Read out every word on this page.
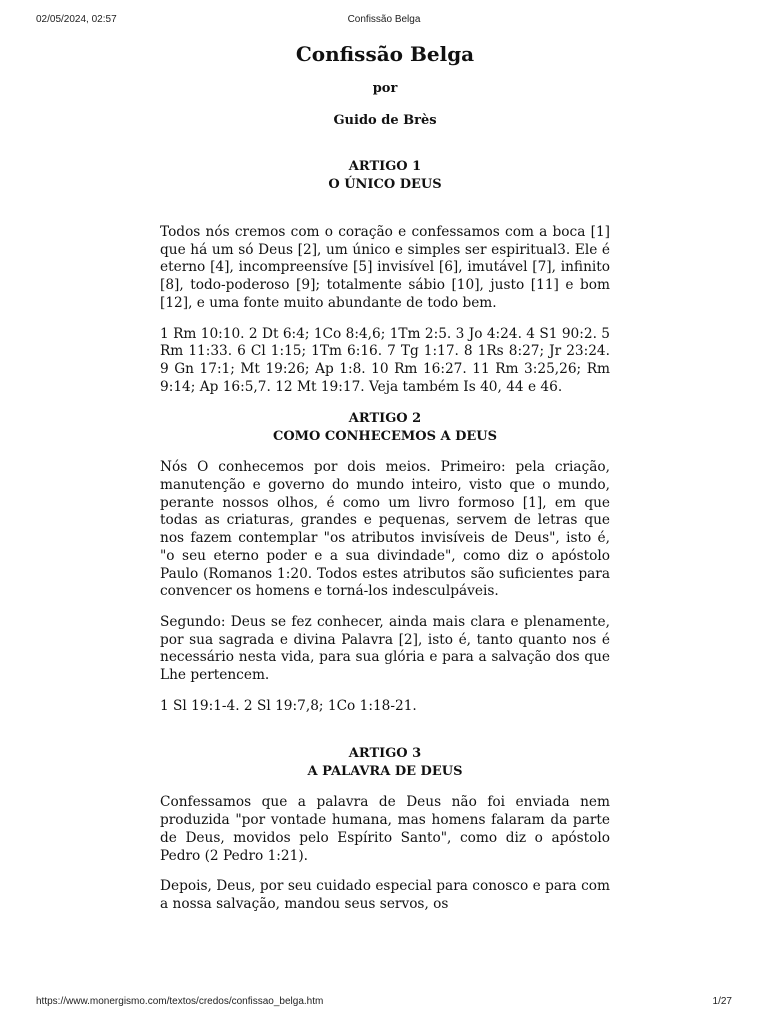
02/05/2024, 02:57	Confissão Belga
Confissão Belga
por
Guido de Brès
ARTIGO 1
O ÚNICO DEUS

Todos nós cremos com o coração e confessamos com a boca [1] que há um só Deus [2], um único e simples ser espiritual3. Ele é eterno [4], incompreensíve [5] invisível [6], imutável [7], infinito [8], todo-poderoso [9]; totalmente sábio [10], justo [11] e bom [12], e uma fonte muito abundante de todo bem.

1 Rm 10:10. 2 Dt 6:4; 1Co 8:4,6; 1Tm 2:5. 3 Jo 4:24. 4 S1 90:2. 5 Rm 11:33. 6 Cl 1:15; 1Tm 6:16. 7 Tg 1:17. 8 1Rs 8:27; Jr 23:24. 9 Gn 17:1; Mt 19:26; Ap 1:8. 10 Rm 16:27. 11 Rm 3:25,26; Rm 9:14; Ap 16:5,7. 12 Mt 19:17. Veja também Is 40, 44 e 46.

ARTIGO 2
COMO CONHECEMOS A DEUS

Nós O conhecemos por dois meios. Primeiro: pela criação, manutenção e governo do mundo inteiro, visto que o mundo, perante nossos olhos, é como um livro formoso [1], em que todas as criaturas, grandes e pequenas, servem de letras que nos fazem contemplar "os atributos invisíveis de Deus", isto é, "o seu eterno poder e a sua divindade", como diz o apóstolo Paulo (Romanos 1:20. Todos estes atributos são suficientes para convencer os homens e torná-los indesculpáveis.

Segundo: Deus se fez conhecer, ainda mais clara e plenamente, por sua sagrada e divina Palavra [2], isto é, tanto quanto nos é necessário nesta vida, para sua glória e para a salvação dos que Lhe pertencem.

1 Sl 19:1-4. 2 Sl 19:7,8; 1Co 1:18-21.

ARTIGO 3
A PALAVRA DE DEUS

Confessamos que a palavra de Deus não foi enviada nem produzida "por vontade humana, mas homens falaram da parte de Deus, movidos pelo Espírito Santo", como diz o apóstolo Pedro (2 Pedro 1:21).

Depois, Deus, por seu cuidado especial para conosco e para com a nossa salvação, mandou seus servos, os

https://www.monergismo.com/textos/credos/confissao_belga.htm	1/27
